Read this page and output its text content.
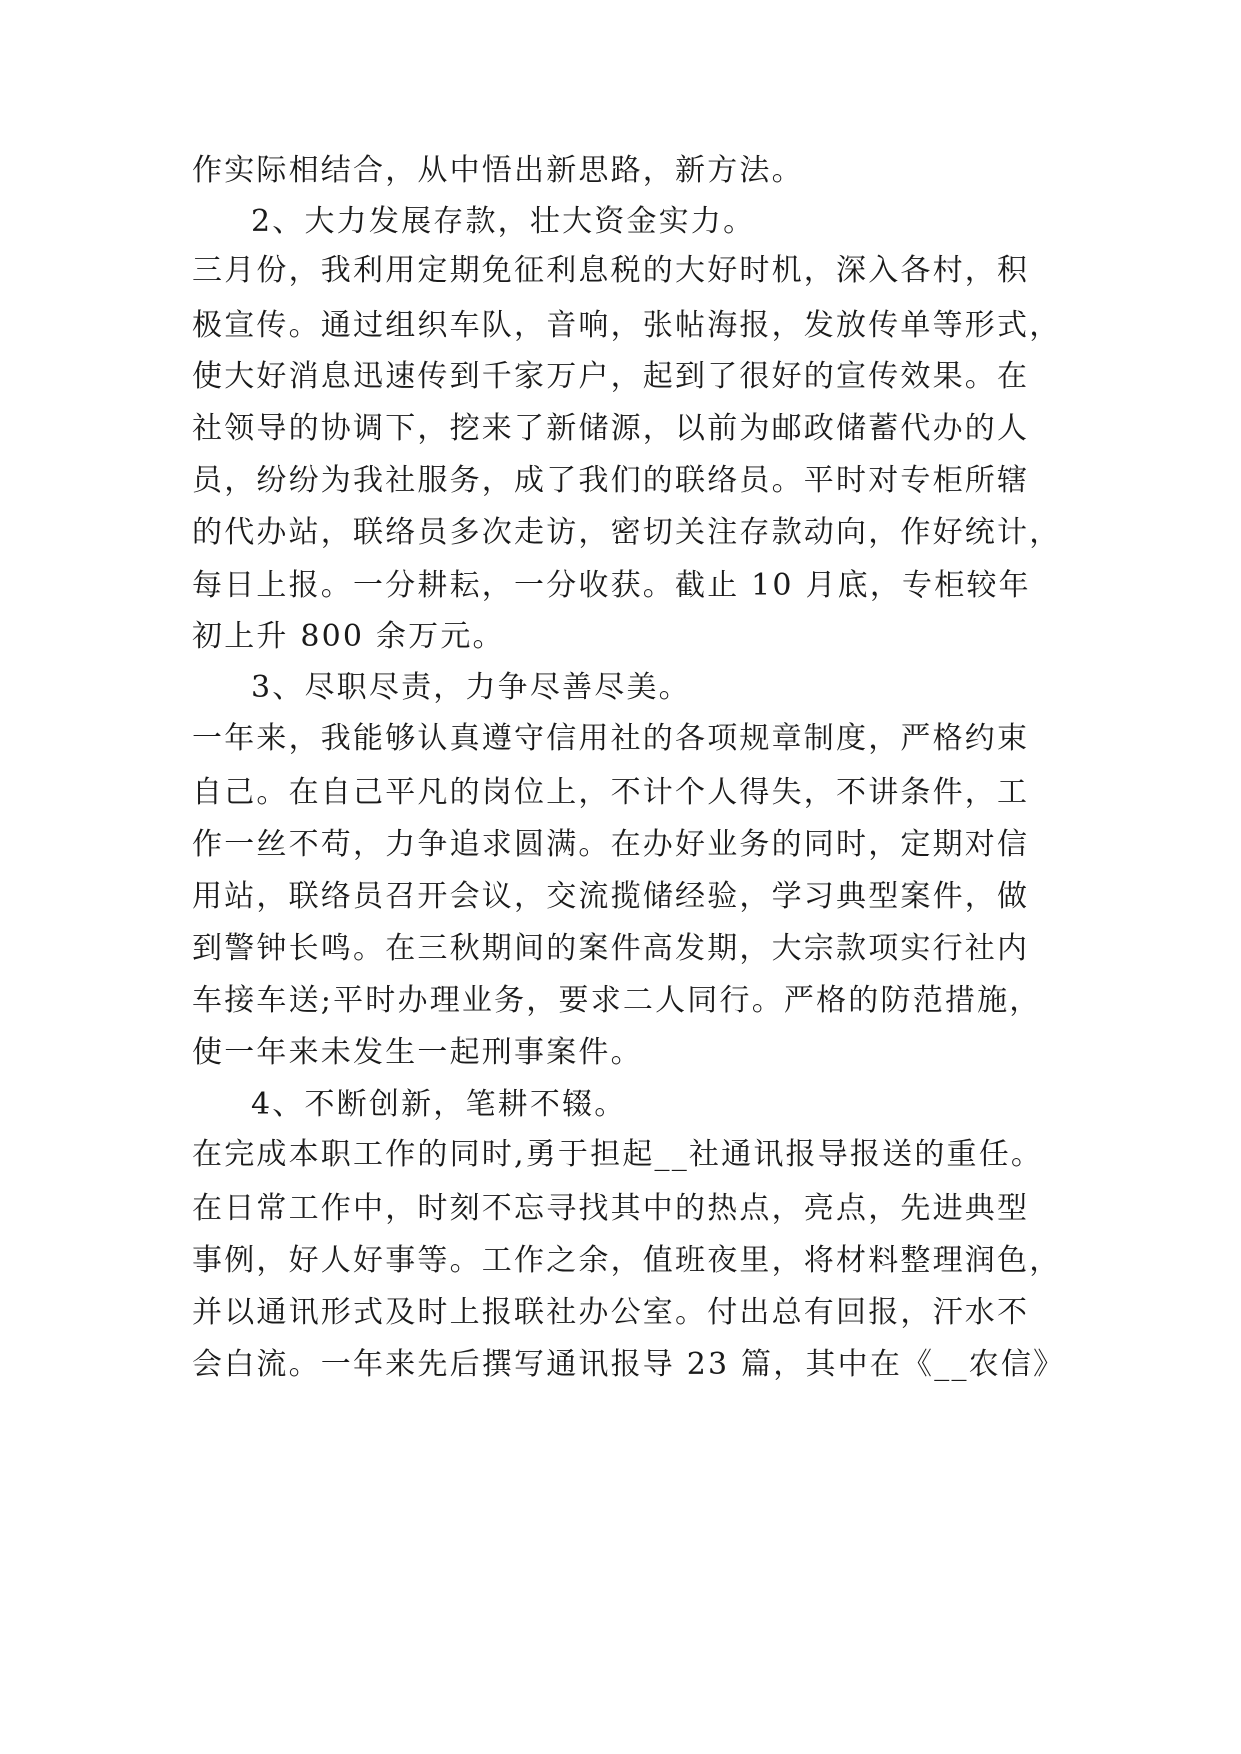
作实际相结合，从中悟出新思路，新方法。

2、大力发展存款，壮大资金实力。

三月份，我利用定期免征利息税的大好时机，深入各村，积

极宣传。通过组织车队，音响，张帖海报，发放传单等形式，

使大好消息迅速传到千家万户，起到了很好的宣传效果。在

社领导的协调下，挖来了新储源，以前为邮政储蓄代办的人

员，纷纷为我社服务，成了我们的联络员。平时对专柜所辖

的代办站，联络员多次走访，密切关注存款动向，作好统计，

每日上报。一分耕耘，一分收获。截止 10 月底，专柜较年

初上升 800 余万元。

3、尽职尽责，力争尽善尽美。

一年来，我能够认真遵守信用社的各项规章制度，严格约束

自己。在自己平凡的岗位上，不计个人得失，不讲条件，工

作一丝不苟，力争追求圆满。在办好业务的同时，定期对信

用站，联络员召开会议，交流揽储经验，学习典型案件，做

到警钟长鸣。在三秋期间的案件高发期，大宗款项实行社内

车接车送;平时办理业务，要求二人同行。严格的防范措施，

使一年来未发生一起刑事案件。

4、不断创新，笔耕不辍。

在完成本职工作的同时,勇于担起__社通讯报导报送的重任。

在日常工作中，时刻不忘寻找其中的热点，亮点，先进典型

事例，好人好事等。工作之余，值班夜里，将材料整理润色，

并以通讯形式及时上报联社办公室。付出总有回报，汗水不

会白流。一年来先后撰写通讯报导 23 篇，其中在《__农信》
